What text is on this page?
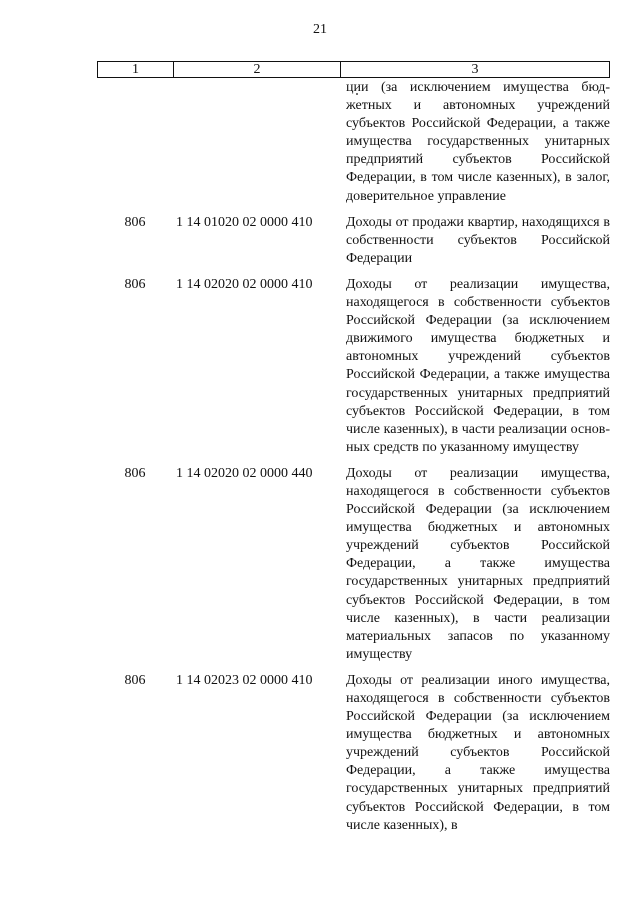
21
1	2	3
ции (за исключением имущества бюджетных и автономных учреждений субъектов Российской Федерации, а также имущества государственных унитарных предприятий субъектов Российской Федерации, в том числе казенных), в залог, доверительное управление
806	1 14 01020 02 0000 410	Доходы от продажи квартир, находящихся в собственности субъектов Российской Федерации
806	1 14 02020 02 0000 410	Доходы от реализации имущества, находящегося в собственности субъектов Российской Федерации (за исключением движимого имущества бюджетных и автономных учреждений субъектов Российской Федерации, а также имущества государственных унитарных предприятий субъектов Российской Федерации, в том числе казенных), в части реализации основных средств по указанному имуществу
806	1 14 02020 02 0000 440	Доходы от реализации имущества, находящегося в собственности субъектов Российской Федерации (за исключением имущества бюджетных и автономных учреждений субъектов Российской Федерации, а также имущества государственных унитарных предприятий субъектов Российской Федерации, в том числе казенных), в части реализации материальных запасов по указанному имуществу
806	1 14 02023 02 0000 410	Доходы от реализации иного имущества, находящегося в собственности субъектов Российской Федерации (за исключением имущества бюджетных и автономных учреждений субъектов Российской Федерации, а также имущества государственных унитарных предприятий субъектов Российской Федерации, в том числе казенных), в
